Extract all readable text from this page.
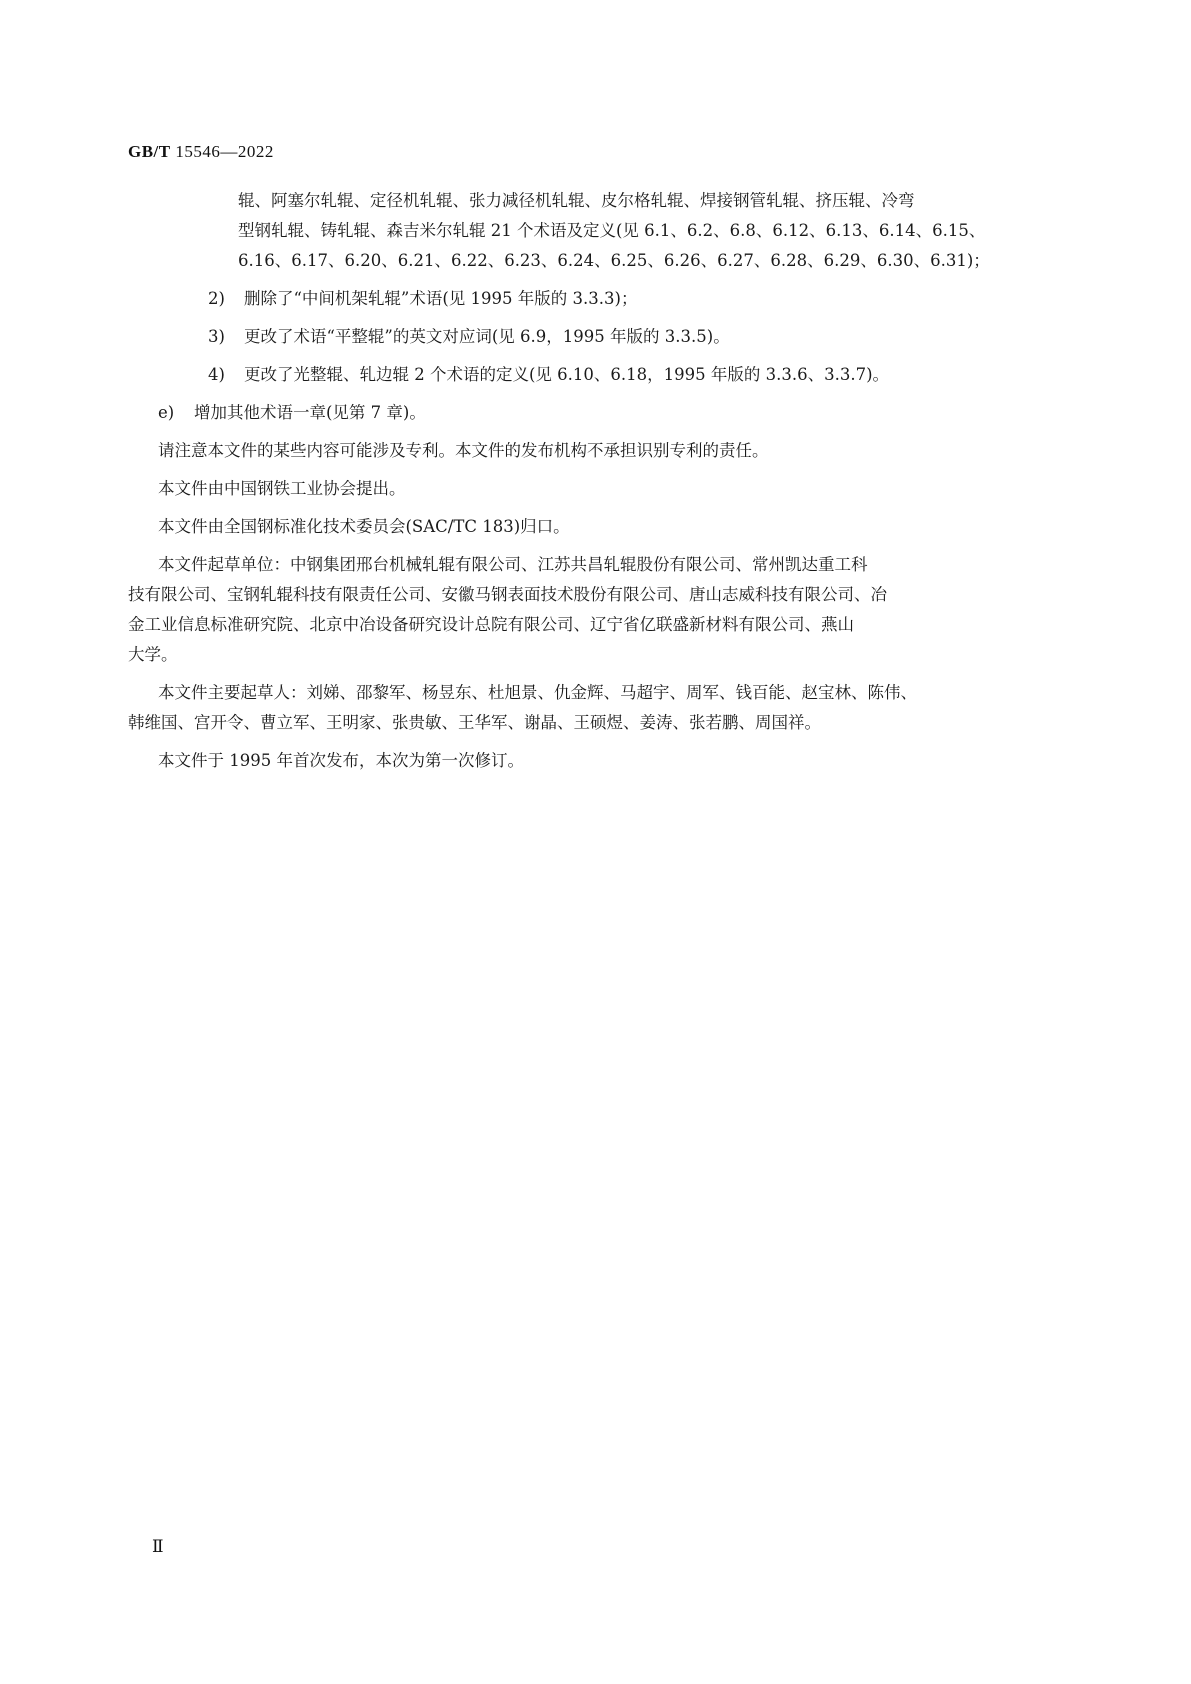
GB/T 15546—2022
辊、阿塞尔轧辊、定径机轧辊、张力减径机轧辊、皮尔格轧辊、焊接钢管轧辊、挤压辊、冷弯
型钢轧辊、铸轧辊、森吉米尔轧辊 21 个术语及定义(见 6.1、6.2、6.8、6.12、6.13、6.14、6.15、
6.16、6.17、6.20、6.21、6.22、6.23、6.24、6.25、6.26、6.27、6.28、6.29、6.30、6.31)；
2) 删除了“中间机架轧辊”术语(见 1995 年版的 3.3.3)；
3) 更改了术语“平整辊”的英文对应词(见 6.9，1995 年版的 3.3.5)。
4) 更改了光整辊、轧边辊 2 个术语的定义(见 6.10、6.18，1995 年版的 3.3.6、3.3.7)。
e) 增加其他术语一章(见第 7 章)。
请注意本文件的某些内容可能涉及专利。本文件的发布机构不承担识别专利的责任。
本文件由中国钢铁工业协会提出。
本文件由全国钢标准化技术委员会(SAC/TC 183)归口。
本文件起草单位：中钢集团邢台机械轧辊有限公司、江苏共昌轧辊股份有限公司、常州凯达重工科
技有限公司、宝钢轧辊科技有限责任公司、安徽马钢表面技术股份有限公司、唐山志威科技有限公司、冶
金工业信息标准研究院、北京中冶设备研究设计总院有限公司、辽宁省亿联盛新材料有限公司、燕山
大学。
本文件主要起草人：刘娣、邵黎军、杨昱东、杜旭景、仇金辉、马超宇、周军、钱百能、赵宝林、陈伟、
韩维国、宫开令、曹立军、王明家、张贵敏、王华军、谢晶、王硕煜、姜涛、张若鹏、周国祥。
本文件于 1995 年首次发布，本次为第一次修订。
Ⅱ
